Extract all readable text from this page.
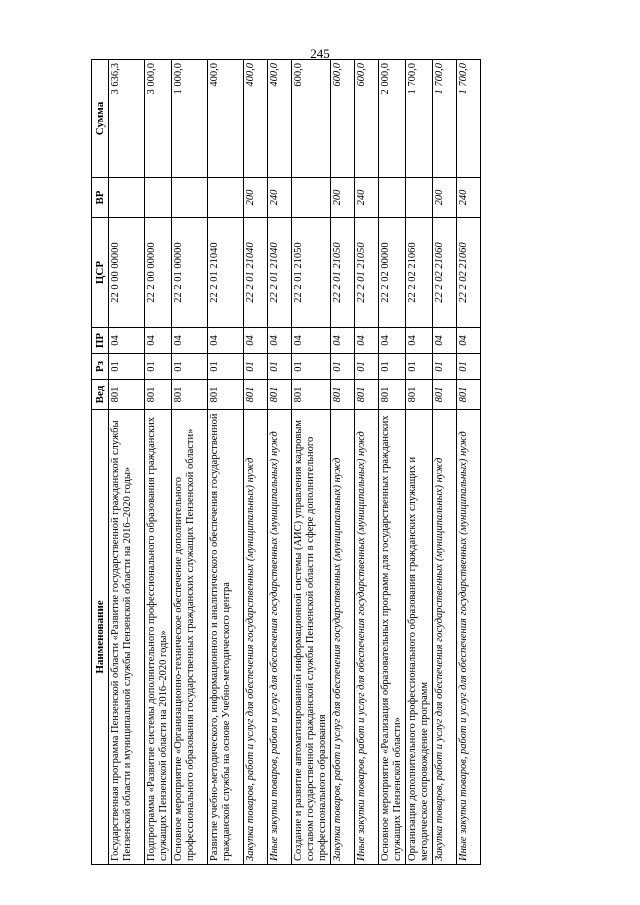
245
Наименование	Вед	Рз	ПР	ЦСР	ВР	Сумма
Государственная программа Пензенской области «Развитие государственной гражданской службы Пензенской области и муниципальной службы Пензенской области на 2016–2020 годы»	801	01	04	22 0 00 00000		3 636,3
Подпрограмма «Развитие системы дополнительного профессионального образования гражданских служащих Пензенской области на 2016–2020 годы»	801	01	04	22 2 00 00000		3 000,0
Основное мероприятие «Организационно-техническое обеспечение дополнительного профессионального образования государственных гражданских служащих Пензенской области»	801	01	04	22 2 01 00000		1 000,0
Развитие учебно-методического, информационного и аналитического обеспечения государственной гражданской службы на основе Учебно-методического центра	801	01	04	22 2 01 21040		400,0
Закупка товаров, работ и услуг для обеспечения государственных (муниципальных) нужд	801	01	04	22 2 01 21040	200	400,0
Иные закупки товаров, работ и услуг для обеспечения государственных (муниципальных) нужд	801	01	04	22 2 01 21040	240	400,0
Создание и развитие автоматизированной информационной системы (АИС) управления кадровым составом государственной гражданской службы Пензенской области в сфере дополнительного профессионального образования	801	01	04	22 2 01 21050		600,0
Закупка товаров, работ и услуг для обеспечения государственных (муниципальных) нужд	801	01	04	22 2 01 21050	200	600,0
Иные закупки товаров, работ и услуг для обеспечения государственных (муниципальных) нужд	801	01	04	22 2 01 21050	240	600,0
Основное мероприятие «Реализация образовательных программ для государственных гражданских служащих Пензенской области»	801	01	04	22 2 02 00000		2 000,0
Организация дополнительного профессионального образования гражданских служащих и методическое сопровождение программ	801	01	04	22 2 02 21060		1 700,0
Закупка товаров, работ и услуг для обеспечения государственных (муниципальных) нужд	801	01	04	22 2 02 21060	200	1 700,0
Иные закупки товаров, работ и услуг для обеспечения государственных (муниципальных) нужд	801	01	04	22 2 02 21060	240	1 700,0
